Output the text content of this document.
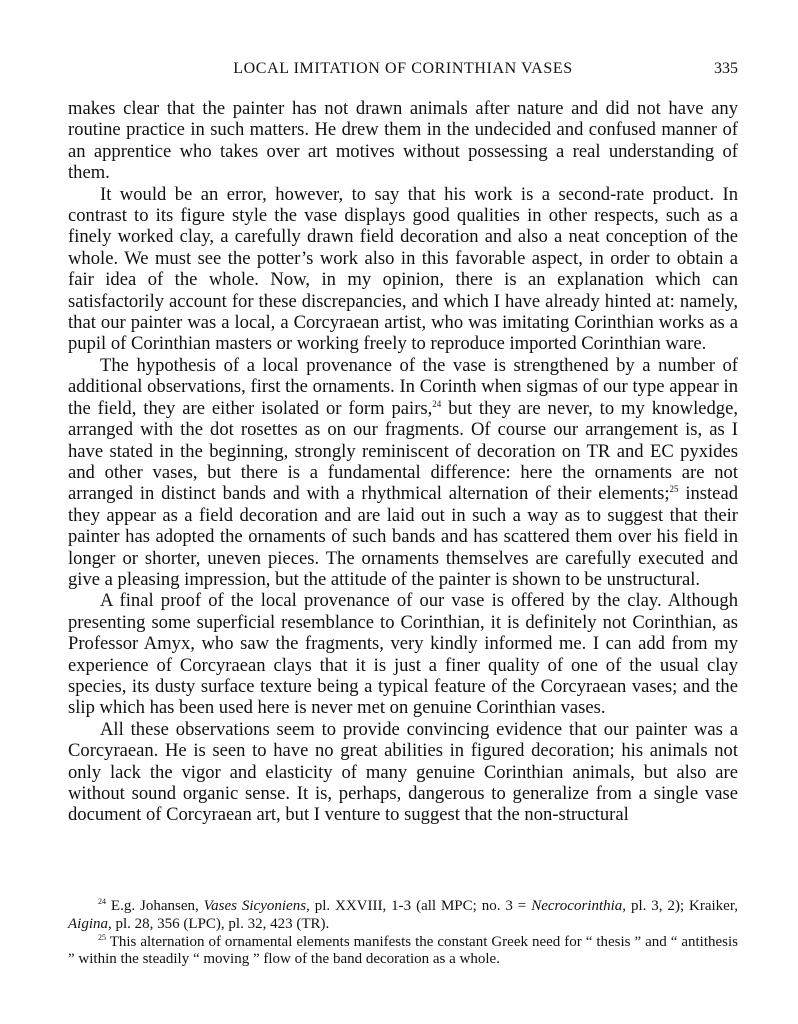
LOCAL IMITATION OF CORINTHIAN VASES	335

makes clear that the painter has not drawn animals after nature and did not have any routine practice in such matters. He drew them in the undecided and confused manner of an apprentice who takes over art motives without possessing a real understanding of them.

It would be an error, however, to say that his work is a second-rate product. In contrast to its figure style the vase displays good qualities in other respects, such as a finely worked clay, a carefully drawn field decoration and also a neat conception of the whole. We must see the potter’s work also in this favorable aspect, in order to obtain a fair idea of the whole. Now, in my opinion, there is an explanation which can satisfactorily account for these discrepancies, and which I have already hinted at: namely, that our painter was a local, a Corcyraean artist, who was imitating Corinthian works as a pupil of Corinthian masters or working freely to reproduce imported Corinthian ware.

The hypothesis of a local provenance of the vase is strengthened by a number of additional observations, first the ornaments. In Corinth when sigmas of our type appear in the field, they are either isolated or form pairs,$^{24}$ but they are never, to my knowledge, arranged with the dot rosettes as on our fragments. Of course our arrangement is, as I have stated in the beginning, strongly reminiscent of decoration on TR and EC pyxides and other vases, but there is a fundamental difference: here the ornaments are not arranged in distinct bands and with a rhythmical alternation of their elements;$^{25}$ instead they appear as a field decoration and are laid out in such a way as to suggest that their painter has adopted the ornaments of such bands and has scattered them over his field in longer or shorter, uneven pieces. The ornaments themselves are carefully executed and give a pleasing impression, but the attitude of the painter is shown to be unstructural.

A final proof of the local provenance of our vase is offered by the clay. Although presenting some superficial resemblance to Corinthian, it is definitely not Corinthian, as Professor Amyx, who saw the fragments, very kindly informed me. I can add from my experience of Corcyraean clays that it is just a finer quality of one of the usual clay species, its dusty surface texture being a typical feature of the Corcyraean vases; and the slip which has been used here is never met on genuine Corinthian vases.

All these observations seem to provide convincing evidence that our painter was a Corcyraean. He is seen to have no great abilities in figured decoration; his animals not only lack the vigor and elasticity of many genuine Corinthian animals, but also are without sound organic sense. It is, perhaps, dangerous to generalize from a single vase document of Corcyraean art, but I venture to suggest that the non-structural

$^{24}$ E.g. Johansen, Vases Sicyoniens, pl. XXVIII, 1-3 (all MPC; no. 3 = Necrocorinthia, pl. 3, 2); Kraiker, Aigina, pl. 28, 356 (LPC), pl. 32, 423 (TR).

$^{25}$ This alternation of ornamental elements manifests the constant Greek need for “ thesis ” and “ antithesis ” within the steadily “ moving ” flow of the band decoration as a whole.
